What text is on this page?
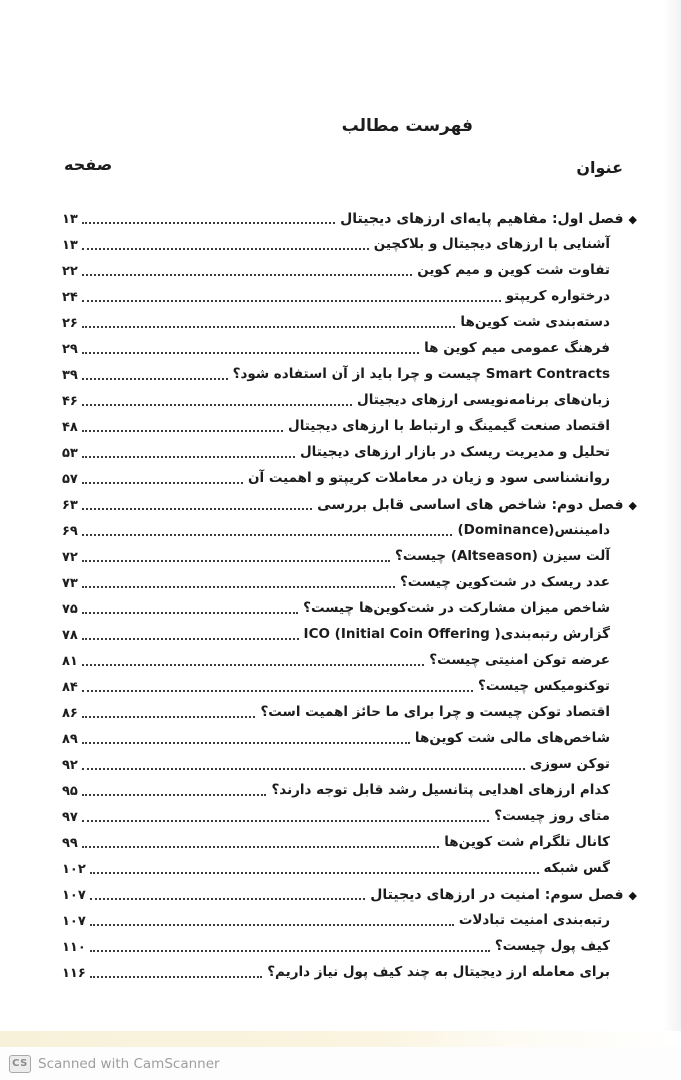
فهرست مطالب
عنوان
صفحه
◆
فصل اول: مفاهیم پایه‌ای ارزهای دیجیتال
۱۳
آشنایی با ارزهای دیجیتال و بلاکچین
۱۳
تفاوت شت کوین و میم کوین
۲۲
درختواره کریپتو
۲۴
دسته‌بندی شت کوین‌ها
۲۶
فرهنگ عمومی میم کوین ها
۲۹
Smart Contracts چیست و چرا باید از آن استفاده شود؟
۳۹
زبان‌های برنامه‌نویسی ارزهای دیجیتال
۴۶
اقتصاد صنعت گیمینگ و ارتباط با ارزهای دیجیتال
۴۸
تحلیل و مدیریت ریسک در بازار ارزهای دیجیتال
۵۳
روانشناسی سود و زیان در معاملات کریپتو و اهمیت آن
۵۷
◆
فصل دوم: شاخص های اساسی قابل بررسی
۶۳
دامیننس(Dominance)
۶۹
آلت سیزن (Altseason) چیست؟
۷۲
عدد ریسک در شت‌کوین چیست؟
۷۳
شاخص میزان مشارکت در شت‌کوین‌ها چیست؟
۷۵
گزارش رتبه‌بندی( ICO (Initial Coin Offering
۷۸
عرضه توکن امنیتی چیست؟
۸۱
توکنومیکس چیست؟
۸۴
اقتصاد توکن چیست و چرا برای ما حائز اهمیت است؟
۸۶
شاخص‌های مالی شت کوین‌ها
۸۹
توکن سوزی
۹۲
کدام ارزهای اهدایی پتانسیل رشد قابل توجه دارند؟
۹۵
متای روز چیست؟
۹۷
کانال تلگرام شت کوین‌ها
۹۹
گس شبکه
۱۰۲
◆
فصل سوم: امنیت در ارزهای دیجیتال
۱۰۷
رتبه‌بندی امنیت تبادلات
۱۰۷
کیف پول چیست؟
۱۱۰
برای معامله ارز دیجیتال به چند کیف پول نیاز داریم؟
۱۱۶
CS Scanned with CamScanner
